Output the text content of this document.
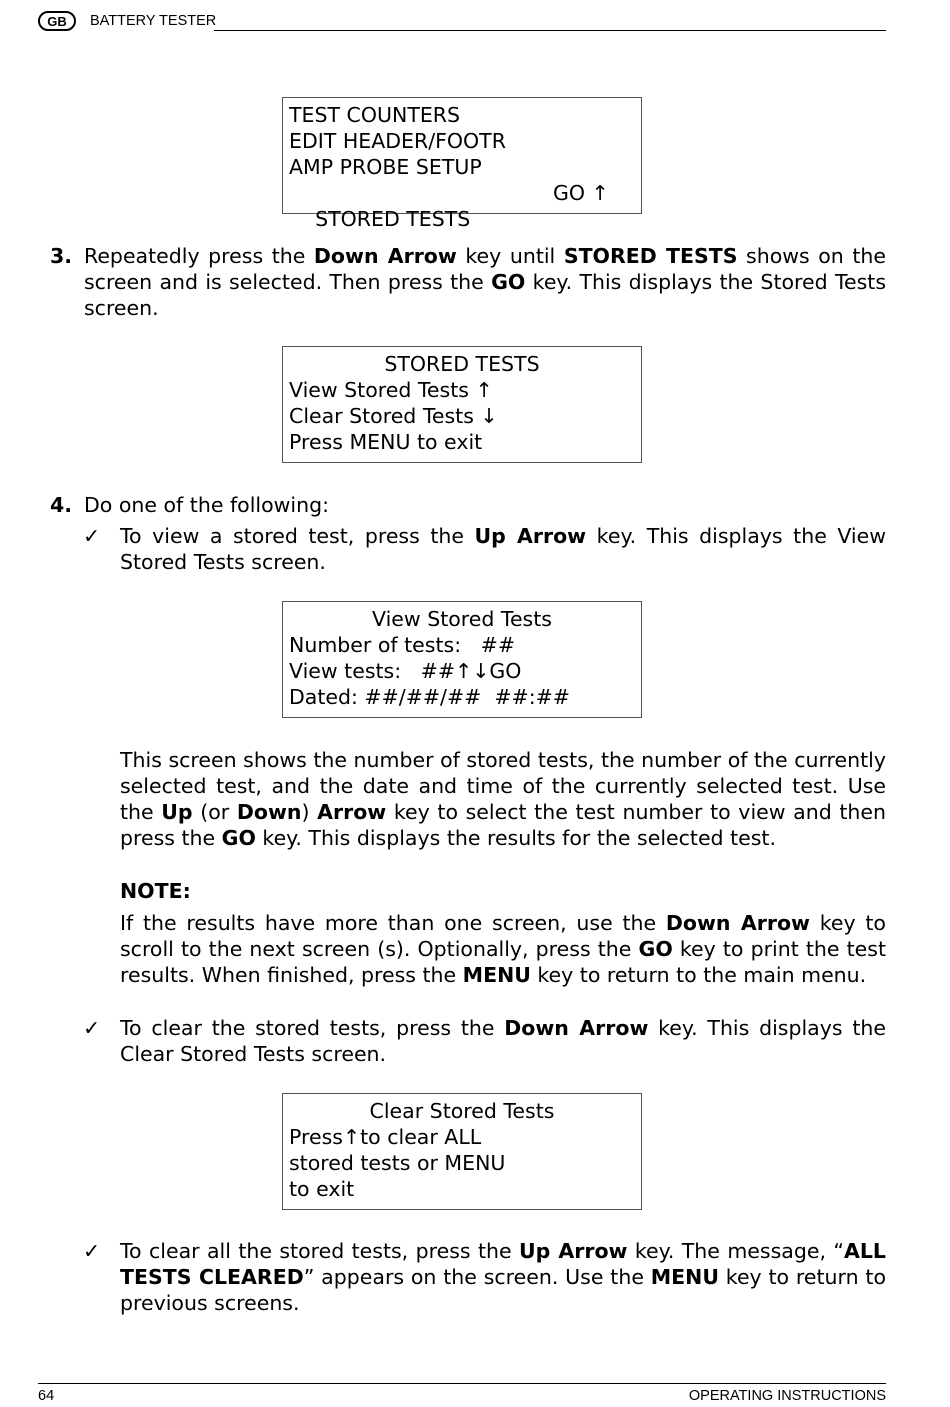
GB	BATTERY TESTER
TEST COUNTERS
EDIT HEADER/FOOTR
AMP PROBE SETUP

STORED TESTS

GO ↑

3. Repeatedly press the Down Arrow key until STORED TESTS shows on the screen and is selected. Then press the GO key. This displays the Stored Tests screen.
STORED TESTS
View Stored Tests ↑
Clear Stored Tests ↓
Press MENU to exit
4. Do one of the following:
✓ To view a stored test, press the Up Arrow key. This displays the View Stored Tests screen.
View Stored Tests
Number of tests:   ##
View tests:   ##↑↓GO
Dated: ##/##/##  ##:##

This screen shows the number of stored tests, the number of the currently selected test, and the date and time of the currently selected test. Use the Up (or Down) Arrow key to select the test number to view and then press the GO key. This displays the results for the selected test.

NOTE:

If the results have more than one screen, use the Down Arrow key to scroll to the next screen (s). Optionally, press the GO key to print the test results. When finished, press the MENU key to return to the main menu.

✓ To clear the stored tests, press the Down Arrow key. This displays the Clear Stored Tests screen.
Clear Stored Tests
Press↑to clear ALL
stored tests or MENU
to exit
✓ To clear all the stored tests, press the Up Arrow key. The message, “ALL TESTS CLEARED” appears on the screen. Use the MENU key to return to previous screens.
64	OPERATING INSTRUCTIONS
